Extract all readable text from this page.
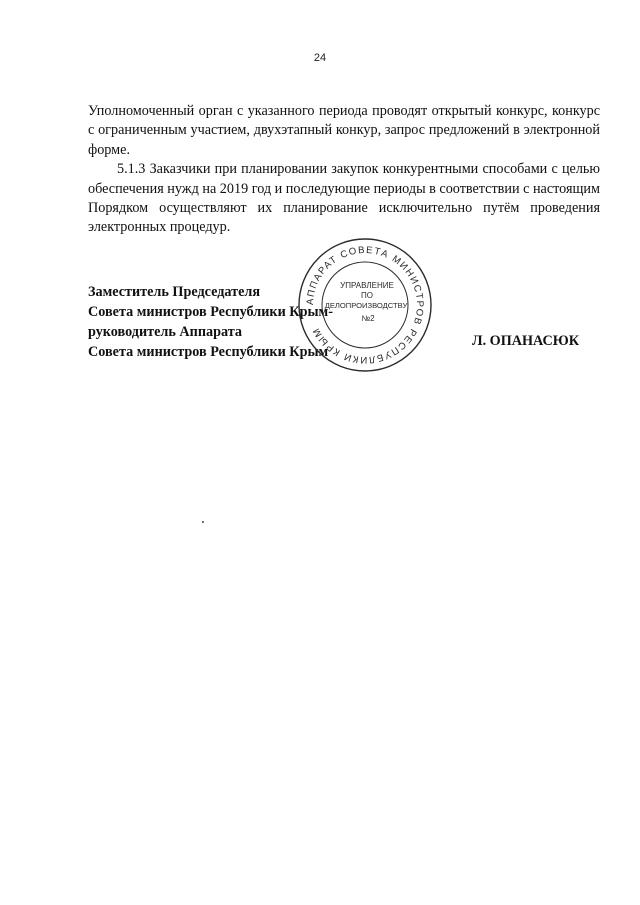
24

Уполномоченный орган с указанного периода проводят открытый конкурс, конкурс с ограниченным участием, двухэтапный конкур, запрос предложений в электронной форме.

5.1.3 Заказчики при планировании закупок конкурентными способами с целью обеспечения нужд на 2019 год и последующие периоды в соответствии с настоящим Порядком осуществляют их планирование исключительно путём проведения электронных процедур.

Заместитель Председателя
Совета министров Республики Крым-
руководитель Аппарата
Совета министров Республики Крым
Л. ОПАНАСЮК
АППАРАТ СОВЕТА МИНИСТРОВ РЕСПУБЛИКИ КРЫМ
УПРАВЛЕНИЕ
ПО
ДЕЛОПРОИЗВОДСТВУ
№2
